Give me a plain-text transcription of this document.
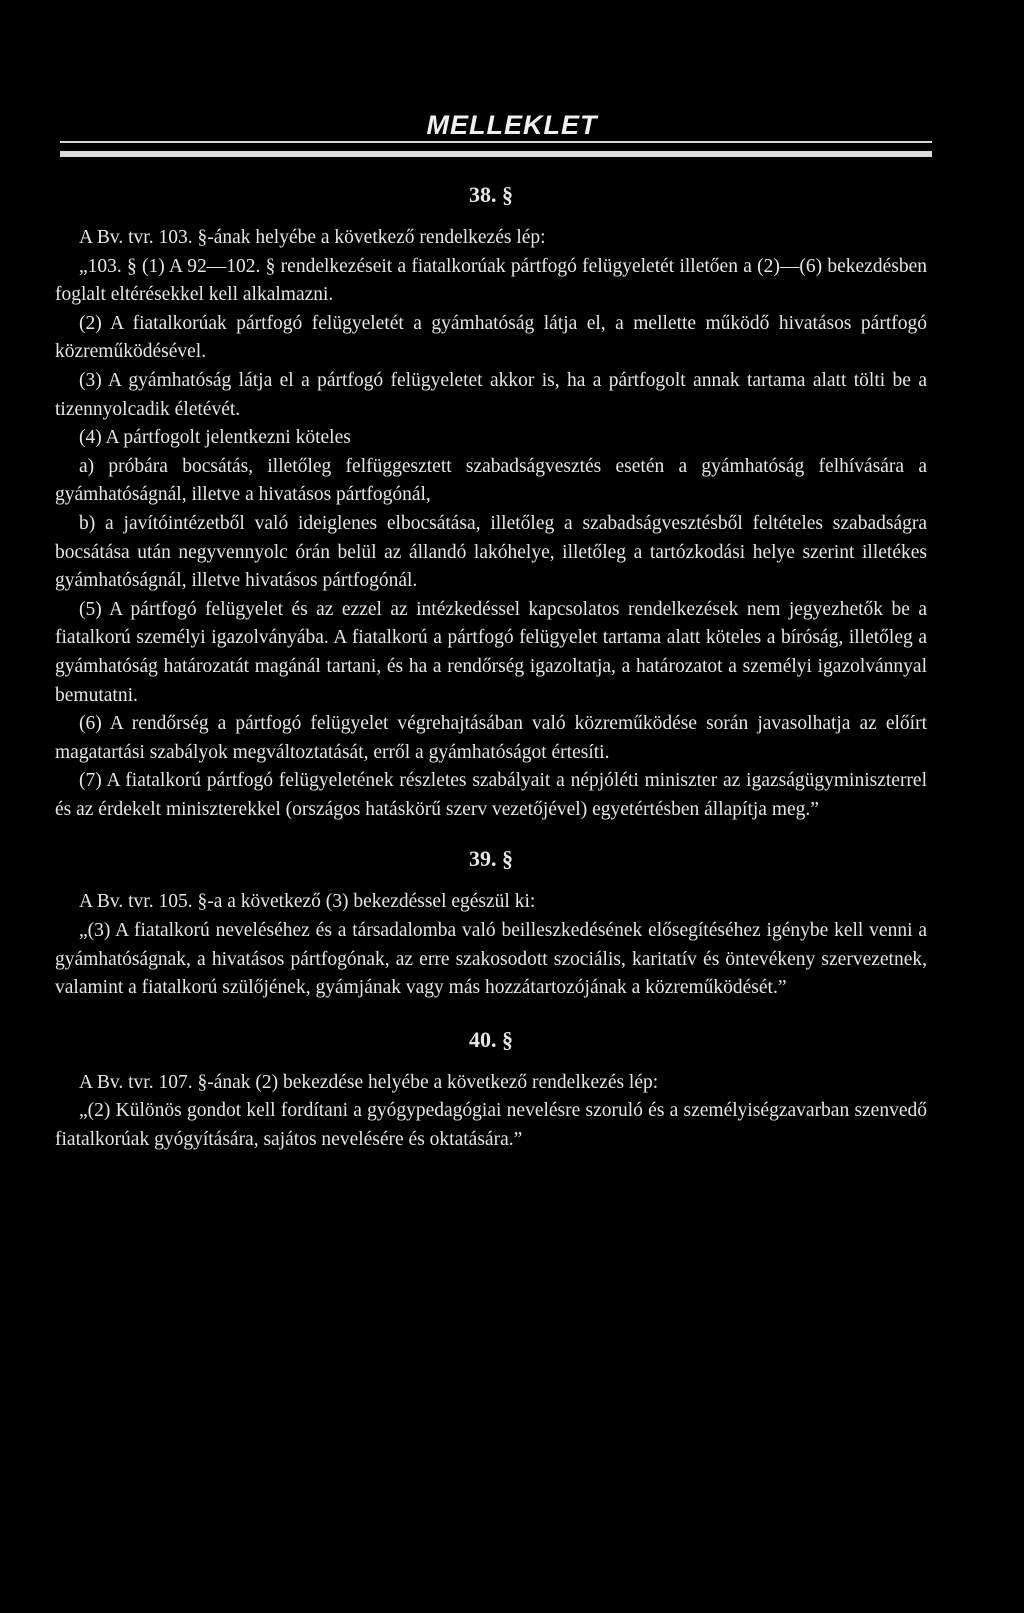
MELLEKLET
38. §

A Bv. tvr. 103. §-ának helyébe a következő rendelkezés lép:

„103. § (1) A 92—102. § rendelkezéseit a fiatalkorúak pártfogó felügyeletét illetően a (2)—(6) bekezdésben foglalt eltérésekkel kell alkalmazni.

(2) A fiatalkorúak pártfogó felügyeletét a gyámhatóság látja el, a mellette működő hivatásos pártfogó közreműködésével.

(3) A gyámhatóság látja el a pártfogó felügyeletet akkor is, ha a pártfogolt annak tartama alatt tölti be a tizennyolcadik életévét.

(4) A pártfogolt jelentkezni köteles

a) próbára bocsátás, illetőleg felfüggesztett szabadságvesztés esetén a gyámhatóság felhívására a gyámhatóságnál, illetve a hivatásos pártfogónál,

b) a javítóintézetből való ideiglenes elbocsátása, illetőleg a szabadságvesztésből feltételes szabadságra bocsátása után negyvennyolc órán belül az állandó lakóhelye, illetőleg a tartózkodási helye szerint illetékes gyámhatóságnál, illetve hivatásos pártfogónál.

(5) A pártfogó felügyelet és az ezzel az intézkedéssel kapcsolatos rendelkezések nem jegyezhetők be a fiatalkorú személyi igazolványába. A fiatalkorú a pártfogó felügyelet tartama alatt köteles a bíróság, illetőleg a gyámhatóság határozatát magánál tartani, és ha a rendőrség igazoltatja, a határozatot a személyi igazolvánnyal bemutatni.

(6) A rendőrség a pártfogó felügyelet végrehajtásában való közreműködése során javasolhatja az előírt magatartási szabályok megváltoztatását, erről a gyámhatóságot értesíti.

(7) A fiatalkorú pártfogó felügyeletének részletes szabályait a népjóléti miniszter az igazságügyminiszterrel és az érdekelt miniszterekkel (országos hatáskörű szerv vezetőjével) egyetértésben állapítja meg.”

39. §

A Bv. tvr. 105. §-a a következő (3) bekezdéssel egészül ki:

„(3) A fiatalkorú neveléséhez és a társadalomba való beilleszkedésének elősegítéséhez igénybe kell venni a gyámhatóságnak, a hivatásos pártfogónak, az erre szakosodott szociális, karitatív és öntevékeny szervezetnek, valamint a fiatalkorú szülőjének, gyámjának vagy más hozzátartozójának a közreműködését.”

40. §

A Bv. tvr. 107. §-ának (2) bekezdése helyébe a következő rendelkezés lép:

„(2) Különös gondot kell fordítani a gyógypedagógiai nevelésre szoruló és a személyiségzavarban szenvedő fiatalkorúak gyógyítására, sajátos nevelésére és oktatására.”
